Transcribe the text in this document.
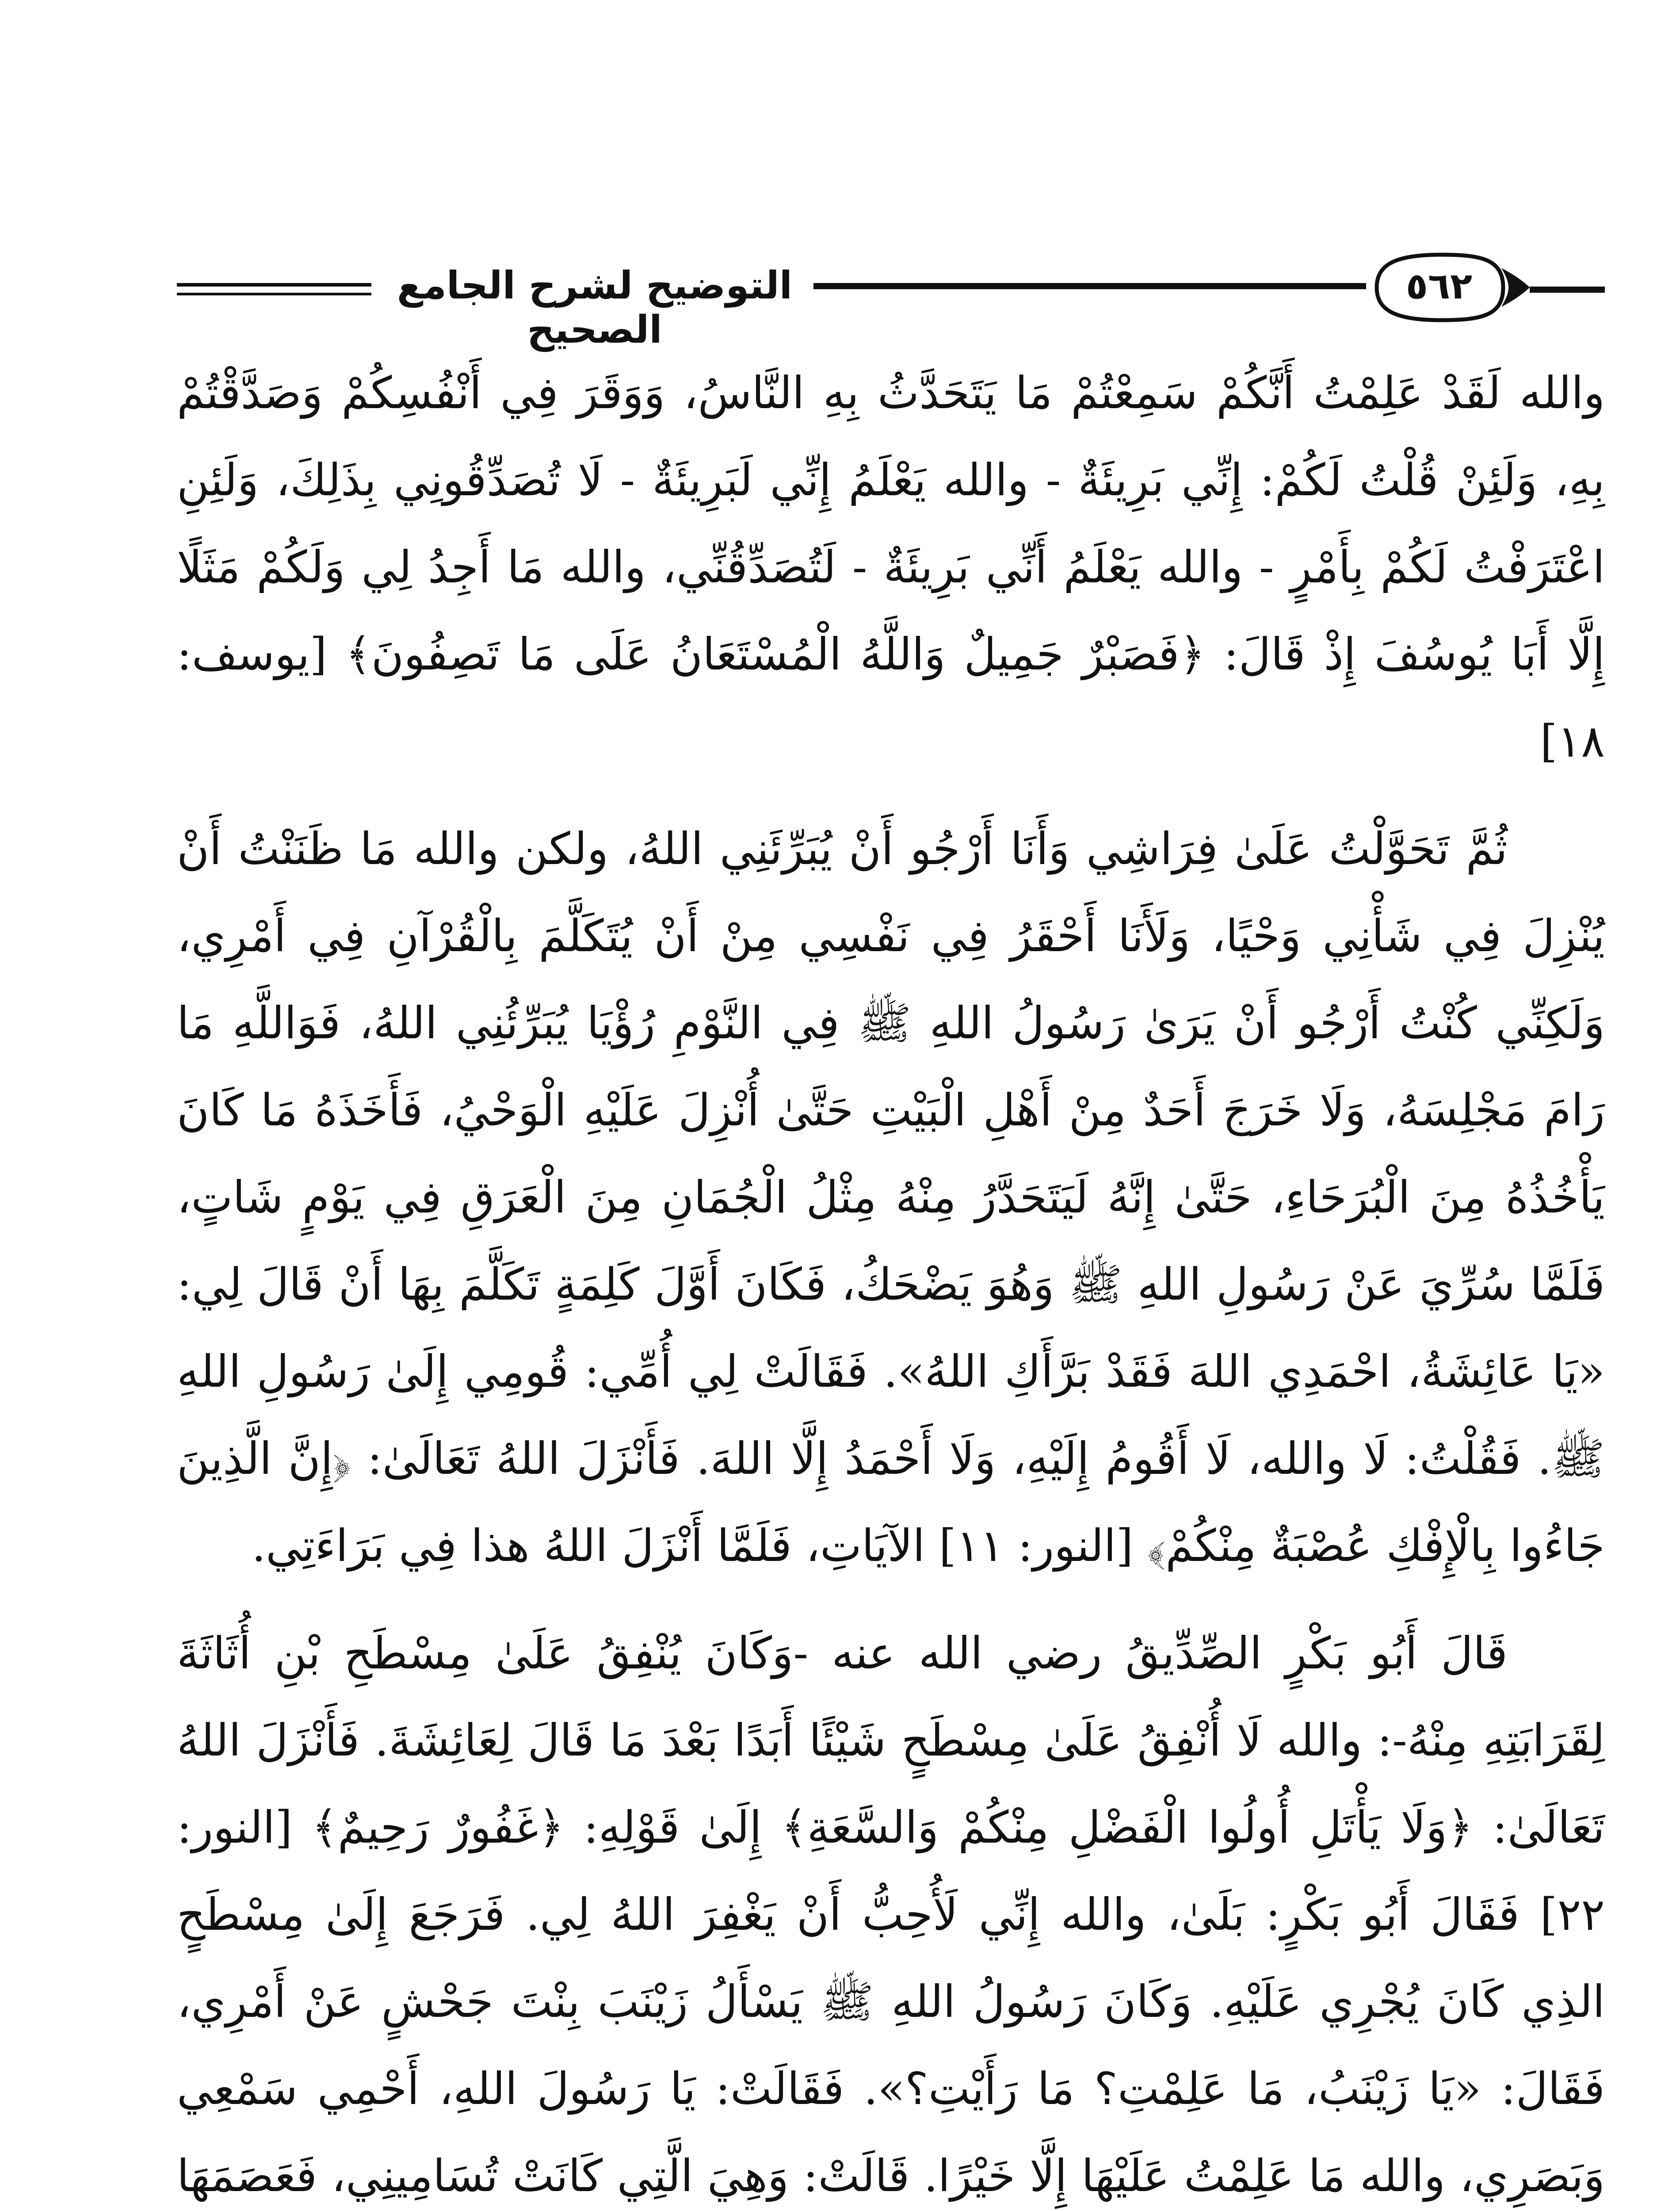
التوضيح لشرح الجامع الصحيح
٥٦٢

والله لَقَدْ عَلِمْتُ أَنَّكُمْ سَمِعْتُمْ مَا يَتَحَدَّثُ بِهِ النَّاسُ، وَوَقَرَ فِي أَنْفُسِكُمْ وَصَدَّقْتُمْ بِهِ، وَلَئِنْ قُلْتُ لَكُمْ: إِنِّي بَرِيئَةٌ - والله يَعْلَمُ إِنِّي لَبَرِيئَةٌ - لَا تُصَدِّقُونِي بِذَلِكَ، وَلَئِنِ اعْتَرَفْتُ لَكُمْ بِأَمْرٍ - والله يَعْلَمُ أَنِّي بَرِيئَةٌ - لَتُصَدِّقُنِّي، والله مَا أَجِدُ لِي وَلَكُمْ مَثَلًا إِلَّا أَبَا يُوسُفَ إِذْ قَالَ: ﴿فَصَبْرٌ جَمِيلٌ وَاللَّهُ الْمُسْتَعَانُ عَلَى مَا تَصِفُونَ﴾ [يوسف: ١٨]

ثُمَّ تَحَوَّلْتُ عَلَىٰ فِرَاشِي وَأَنَا أَرْجُو أَنْ يُبَرِّئَنِي اللهُ، ولكن والله مَا ظَنَنْتُ أَنْ يُنْزِلَ فِي شَأْنِي وَحْيًا، وَلَأَنَا أَحْقَرُ فِي نَفْسِي مِنْ أَنْ يُتَكَلَّمَ بِالْقُرْآنِ فِي أَمْرِي، وَلَكِنِّي كُنْتُ أَرْجُو أَنْ يَرَىٰ رَسُولُ اللهِ ﷺ فِي النَّوْمِ رُؤْيَا يُبَرِّئُنِي اللهُ، فَوَاللَّهِ مَا رَامَ مَجْلِسَهُ، وَلَا خَرَجَ أَحَدٌ مِنْ أَهْلِ الْبَيْتِ حَتَّىٰ أُنْزِلَ عَلَيْهِ الْوَحْيُ، فَأَخَذَهُ مَا كَانَ يَأْخُذُهُ مِنَ الْبُرَحَاءِ، حَتَّىٰ إِنَّهُ لَيَتَحَدَّرُ مِنْهُ مِثْلُ الْجُمَانِ مِنَ الْعَرَقِ فِي يَوْمٍ شَاتٍ، فَلَمَّا سُرِّيَ عَنْ رَسُولِ اللهِ ﷺ وَهُوَ يَضْحَكُ، فَكَانَ أَوَّلَ كَلِمَةٍ تَكَلَّمَ بِهَا أَنْ قَالَ لِي: «يَا عَائِشَةُ، احْمَدِي اللهَ فَقَدْ بَرَّأَكِ اللهُ». فَقَالَتْ لِي أُمِّي: قُومِي إِلَىٰ رَسُولِ اللهِ ﷺ. فَقُلْتُ: لَا والله، لَا أَقُومُ إِلَيْهِ، وَلَا أَحْمَدُ إِلَّا اللهَ. فَأَنْزَلَ اللهُ تَعَالَىٰ: ﴿إِنَّ الَّذِينَ جَاءُوا بِالْإِفْكِ عُصْبَةٌ مِنْكُمْ﴾ [النور: ١١] الآيَاتِ، فَلَمَّا أَنْزَلَ اللهُ هذا فِي بَرَاءَتِي.

قَالَ أَبُو بَكْرٍ الصِّدِّيقُ رضي الله عنه -وَكَانَ يُنْفِقُ عَلَىٰ مِسْطَحِ بْنِ أُثَاثَةَ لِقَرَابَتِهِ مِنْهُ-: والله لَا أُنْفِقُ عَلَىٰ مِسْطَحٍ شَيْئًا أَبَدًا بَعْدَ مَا قَالَ لِعَائِشَةَ. فَأَنْزَلَ اللهُ تَعَالَىٰ: ﴿وَلَا يَأْتَلِ أُولُوا الْفَضْلِ مِنْكُمْ وَالسَّعَةِ﴾ إِلَىٰ قَوْلِهِ: ﴿غَفُورٌ رَحِيمٌ﴾ [النور: ٢٢] فَقَالَ أَبُو بَكْرٍ: بَلَىٰ، والله إِنِّي لَأُحِبُّ أَنْ يَغْفِرَ اللهُ لِي. فَرَجَعَ إِلَىٰ مِسْطَحٍ الذِي كَانَ يُجْرِي عَلَيْهِ. وَكَانَ رَسُولُ اللهِ ﷺ يَسْأَلُ زَيْنَبَ بِنْتَ جَحْشٍ عَنْ أَمْرِي، فَقَالَ: «يَا زَيْنَبُ، مَا عَلِمْتِ؟ مَا رَأَيْتِ؟». فَقَالَتْ: يَا رَسُولَ اللهِ، أَحْمِي سَمْعِي وَبَصَرِي، والله مَا عَلِمْتُ عَلَيْهَا إِلَّا خَيْرًا. قَالَتْ: وَهِيَ الَّتِي كَانَتْ تُسَامِينِي، فَعَصَمَهَا
